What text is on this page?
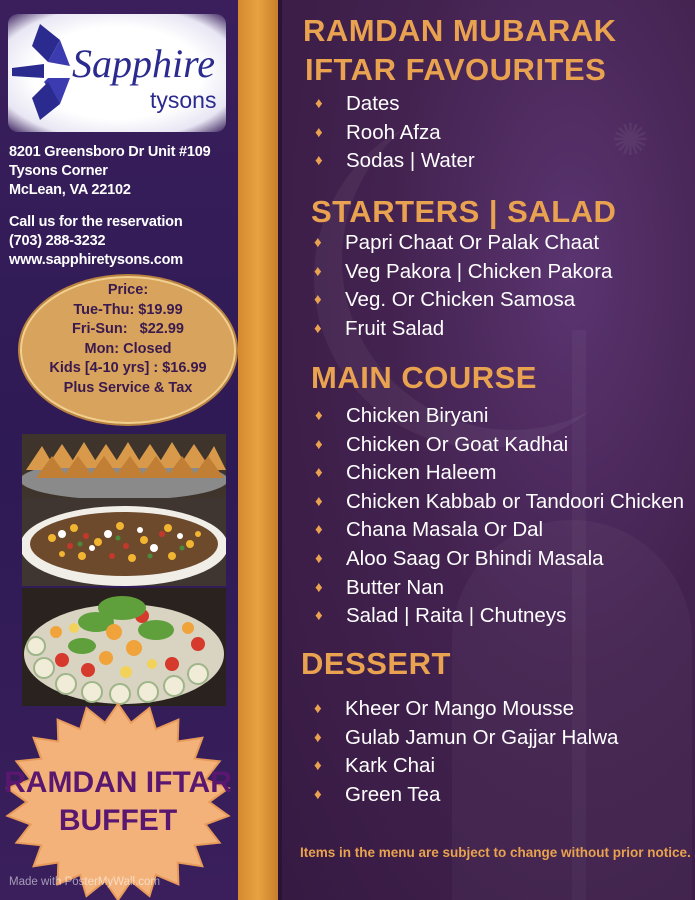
Sapphire
tysons
8201 Greensboro Dr Unit #109
Tysons Corner
McLean, VA 22102
Call us for the reservation
(703) 288-3232
www.sapphiretysons.com
Price:
Tue-Thu: $19.99
Fri-Sun:   $22.99
Mon: Closed
Kids [4-10 yrs] : $16.99
Plus Service & Tax
RAMDAN IFTAR
BUFFET
Made with PosterMyWall.com
✺
RAMDAN MUBARAK
IFTAR FAVOURITES
♦ Dates
♦ Rooh Afza
♦ Sodas | Water
STARTERS | SALAD
♦ Papri Chaat Or Palak Chaat
♦ Veg Pakora | Chicken Pakora
♦ Veg. Or Chicken Samosa
♦ Fruit Salad
MAIN COURSE
♦ Chicken Biryani
♦ Chicken Or Goat Kadhai
♦ Chicken Haleem
♦ Chicken Kabbab or Tandoori Chicken
♦ Chana Masala Or Dal
♦ Aloo Saag Or Bhindi Masala
♦ Butter Nan
♦ Salad | Raita | Chutneys
DESSERT
♦ Kheer Or Mango Mousse
♦ Gulab Jamun Or Gajjar Halwa
♦ Kark Chai
♦ Green Tea
Items in the menu are subject to change without prior notice.
